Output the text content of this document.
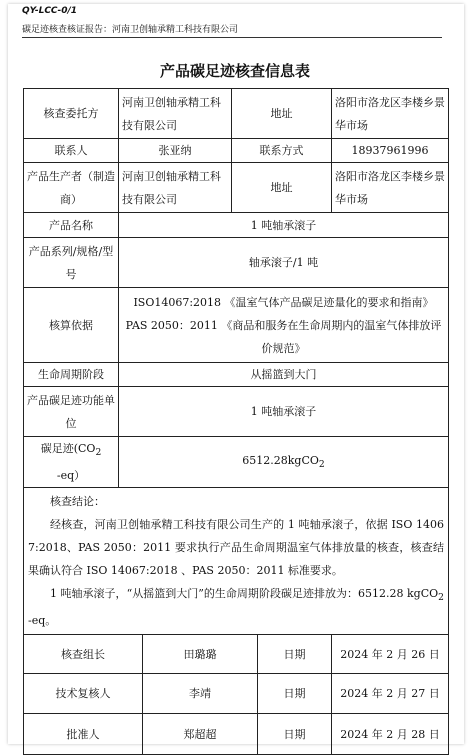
QY-LCC-0/1
碳足迹核查核证报告：河南卫创轴承精工科技有限公司
产品碳足迹核查信息表
核查委托方	河南卫创轴承精工科技有限公司		地址		洛阳市洛龙区李楼乡景华市场
联系人	张亚纳		联系方式		18937961996
产品生产者（制造商）	河南卫创轴承精工科技有限公司		地址		洛阳市洛龙区李楼乡景华市场
产品名称	1 吨轴承滚子				
产品系列/规格/型号	轴承滚子/1 吨				
核算依据	ISO14067:2018 《温室气体产品碳足迹量化的要求和指南》
PAS 2050：2011 《商品和服务在生命周期内的温室气体排放评价规范》				

生命周期阶段	从摇篮到大门				
产品碳足迹功能单位	1 吨轴承滚子				
碳足迹$(CO_2-eq)$	6512.28kgCO$_2$

核查结论：

经核查，河南卫创轴承精工科技有限公司生产的 1 吨轴承滚子，依据 ISO 14067:2018、PAS 2050：2011 要求执行产品生命周期温室气体排放量的核查，核查结果确认符合 ISO 14067:2018 、PAS 2050：2011 标准要求。

1 吨轴承滚子，“从摇篮到大门”的生命周期阶段碳足迹排放为：6512.28 kgCO$_2$-eq。					

核查组长		田璐璐		日期	2024 年 2 月 26 日
技术复核人		李靖		日期	2024 年 2 月 27 日
批准人		郑超超		日期	2024 年 2 月 28 日
